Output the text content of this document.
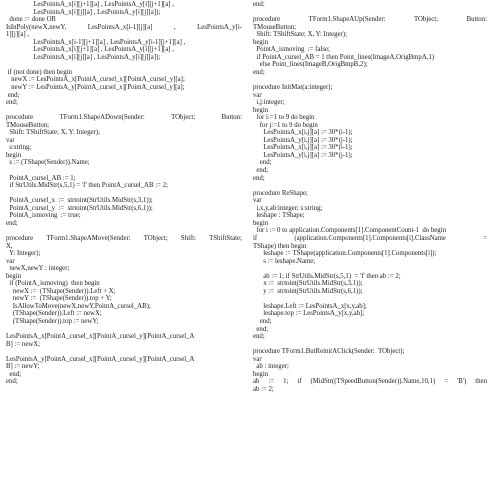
LesPointsA_x[i][j+1][a] , LesPointsA_y[i][j+1][a] ,
LesPointsA_x[i][j][a] , LesPointsA_y[i][j][a]);
done := done OR
IsInPoly(newX,newY,	LesPointsA_x[i-1][j][a]	,	LesPointsA_y[i-
1][j][a] ,
LesPointsA_x[i-1][j+1][a] , LesPointsA_y[i-1][j+1][a] ,
LesPointsA_x[i][j+1][a] , LesPointsA_y[i][j+1][a] ,
LesPointsA_x[i][j][a] , LesPointsA_y[i][j][a]);
if (not done) then begin
newX := LesPointsA_x[PointA_cursel_x][PointA_cursel_y][a];
newY := LesPointsA_y[PointA_cursel_x][PointA_cursel_y][a];
end;
end;
procedure	TForm1.ShapeADown(Sender:	TObject;	Button:
TMouseButton;
Shift: TShiftState; X, Y: Integer);
var
s:string;
begin
s := (TShape(Sender)).Name;
PointA_cursel_AB := 1;
if StrUtils.MidStr(s,5,1) = 'f' then PointA_cursel_AB := 2;
PointA_cursel_x  :=  strtoint(StrUtils.MidStr(s,3,1));
PointA_cursel_y  :=  strtoint(StrUtils.MidStr(s,6,1));
PointA_ismoving  := true;
end;
procedure TForm1.ShapeAMove(Sender: TObject; Shift: TShiftState;
X,
Y: Integer);
var
newX,newY : integer;
begin
if (PointA_ismoving)  then begin
newX :=  (TShape(Sender)).Left + X;
newY :=  (TShape(Sender)).top + Y;
IsAllowToMove(newX,newY,PointA_cursel_AB);
(TShape(Sender)).Left := newX;
(TShape(Sender)).top := newY;
LesPointsA_x[PointA_cursel_x][PointA_cursel_y][PointA_cursel_A
B] := newX;
LesPointsA_y[PointA_cursel_x][PointA_cursel_y][PointA_cursel_A
B] := newY;
end;
end;
end;
procedure	TForm1.ShapeAUp(Sender:	TObject;	Button:
TMouseButton;
Shift: TShiftState; X, Y: Integer);
begin
PointA_ismoving  := false;
if PointA_cursel_AB = 1 then Point_lines(ImageA,OrigBmpA,1)
else Point_lines(ImageB,OrigBmpB,2);
end;
procedure InitMat(a:integer);
var
i,j:integer;
begin
for i:=1 to 9 do begin
for j:=1 to 9 do begin
LesPointsA_x[i,j][a] := 30*(i-1);
LesPointsA_y[i,j][a] := 30*(j-1);
LesPointsA_x[i,j][a] := 30*(i-1);
LesPointsA_y[i,j][a] := 30*(j-1);
end;
end;
end;
procedure ReShape;
var
i,x,y,ab:integer; s:string;
leshape : TShape;
begin
for i := 0 to application.Components[1].ComponentCount-1  do begin
if	(application.Components[1].Components[i].ClassName	=
TShape) then begin
leshape := TShape(application.Components[1].Components[i]);
s := leshape.Name;
ab := 1; if StrUtils.MidStr(s,5,1)  = 'f' then ab := 2;
x :=  strtoint(StrUtils.MidStr(s,3,1));
y :=  strtoint(StrUtils.MidStr(s,6,1));
leshape.Left := LesPointsA_x[x,y,ab];
leshape.top := LesPointsA_y[x,y,ab];
end;
end;
end;
procedure TForm1.ButReinitAClick(Sender:  TObject);
var
ab : integer;
begin
ab := 1; if (MidStr((TSpeedButton(Sender)).Name,10,1) = 'B') then
ab := 2;
